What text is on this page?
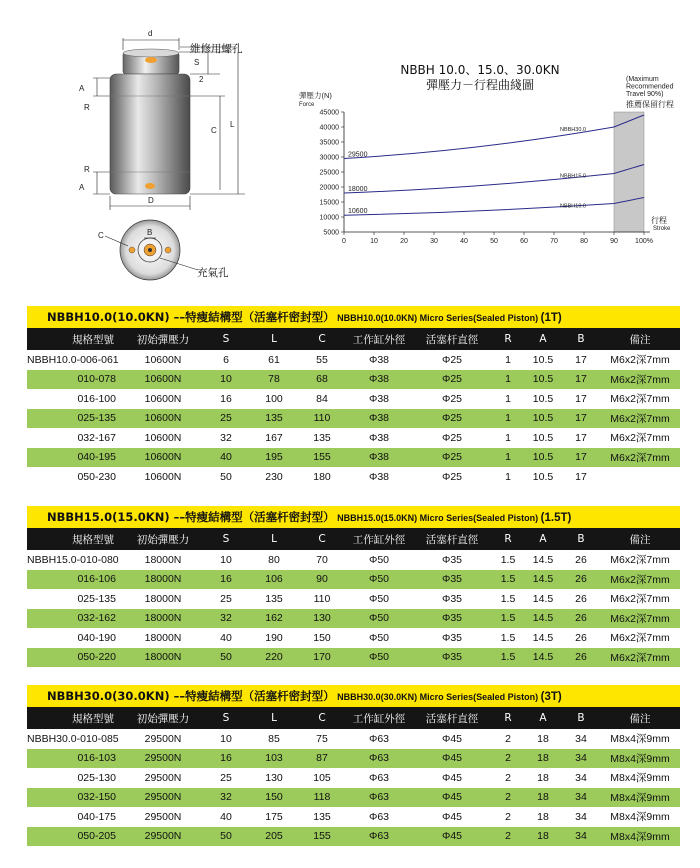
d
S
2
C
L
A
R
R
A
D
維修用螺孔
B
C
充氣孔
NBBH 10.0、15.0、30.0KN
彈壓力－行程曲綫圖
彈壓力(N)
Force
(Maximum
Recommended
Travel 90%)
推薦保留行程
5000
10000
15000
20000
25000
30000
35000
40000
45000
0	10	20	30	40	50	60	70	80	90 100%
29500
NBBH30.0
18000
NBBH15.0
10600
NBBH10.0
行程
Stroke
NBBH10.0(10.0KN) ––特瘦結構型（活塞杆密封型） NBBH10.0(10.0KN) Micro Series(Sealed Piston) (1T)
規格型號	初始彈壓力	S	L	C	工作缸外徑	活塞杆直徑	R	A	B	備注
NBBH10.0-006-061	10600N	6	61	55	Φ38	Φ25	1	10.5	17	M6x2深7mm
010-078	10600N	10	78	68	Φ38	Φ25	1	10.5	17	M6x2深7mm
016-100	10600N	16	100	84	Φ38	Φ25	1	10.5	17	M6x2深7mm
025-135	10600N	25	135	110	Φ38	Φ25	1	10.5	17	M6x2深7mm
032-167	10600N	32	167	135	Φ38	Φ25	1	10.5	17	M6x2深7mm
040-195	10600N	40	195	155	Φ38	Φ25	1	10.5	17	M6x2深7mm
050-230	10600N	50	230	180	Φ38	Φ25	1	10.5	17
NBBH15.0(15.0KN) ––特瘦結構型（活塞杆密封型） NBBH15.0(15.0KN) Micro Series(Sealed Piston) (1.5T)
規格型號	初始彈壓力	S	L	C	工作缸外徑	活塞杆直徑	R	A	B	備注
NBBH15.0-010-080	18000N	10	80	70	Φ50	Φ35	1.5	14.5	26	M6x2深7mm
016-106	18000N	16	106	90	Φ50	Φ35	1.5	14.5	26	M6x2深7mm
025-135	18000N	25	135	110	Φ50	Φ35	1.5	14.5	26	M6x2深7mm
032-162	18000N	32	162	130	Φ50	Φ35	1.5	14.5	26	M6x2深7mm
040-190	18000N	40	190	150	Φ50	Φ35	1.5	14.5	26	M6x2深7mm
050-220	18000N	50	220	170	Φ50	Φ35	1.5	14.5	26	M6x2深7mm
NBBH30.0(30.0KN) ––特瘦結構型（活塞杆密封型） NBBH30.0(30.0KN) Micro Series(Sealed Piston) (3T)
規格型號	初始彈壓力	S	L	C	工作缸外徑	活塞杆直徑	R	A	B	備注
NBBH30.0-010-085	29500N	10	85	75	Φ63	Φ45	2	18	34	M8x4深9mm
016-103	29500N	16	103	87	Φ63	Φ45	2	18	34	M8x4深9mm
025-130	29500N	25	130	105	Φ63	Φ45	2	18	34	M8x4深9mm
032-150	29500N	32	150	118	Φ63	Φ45	2	18	34	M8x4深9mm
040-175	29500N	40	175	135	Φ63	Φ45	2	18	34	M8x4深9mm
050-205	29500N	50	205	155	Φ63	Φ45	2	18	34	M8x4深9mm
